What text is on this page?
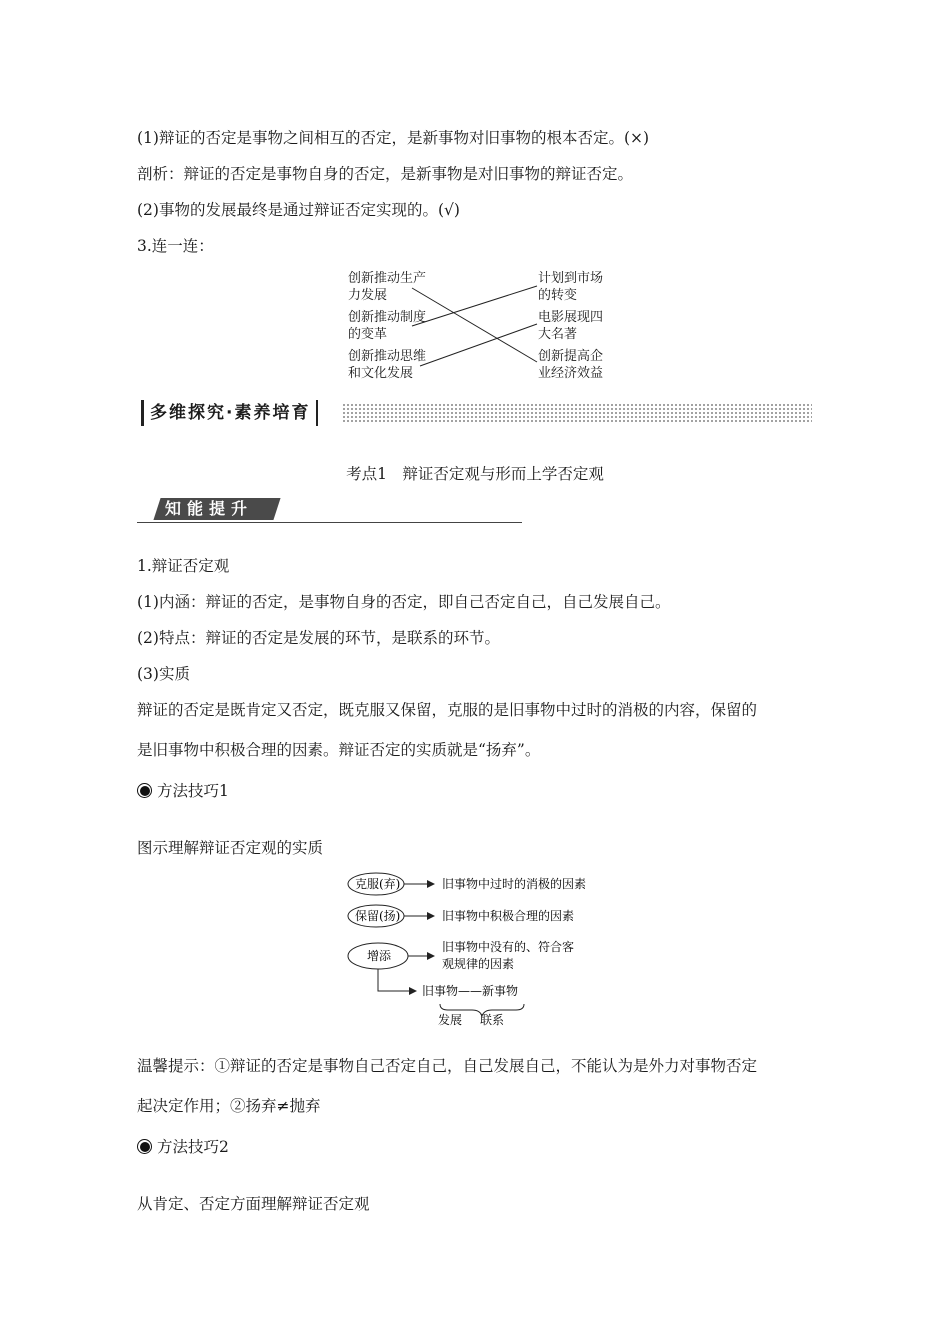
(1)辩证的否定是事物之间相互的否定，是新事物对旧事物的根本否定。(×)
剖析：辩证的否定是事物自身的否定，是新事物是对旧事物的辩证否定。
(2)事物的发展最终是通过辩证否定实现的。(√)
3.连一连：
创新推动生产
力发展
创新推动制度
的变革
创新推动思维
和文化发展
计划到市场
的转变
电影展现四
大名著
创新提高企
业经济效益
多维探究·素养培育
考点1　辩证否定观与形而上学否定观
知能提升
1.辩证否定观
(1)内涵：辩证的否定，是事物自身的否定，即自己否定自己，自己发展自己。
(2)特点：辩证的否定是发展的环节，是联系的环节。
(3)实质
辩证的否定是既肯定又否定，既克服又保留，克服的是旧事物中过时的消极的内容，保留的
是旧事物中积极合理的因素。辩证否定的实质就是“扬弃”。
方法技巧1
图示理解辩证否定观的实质
克服(弃)
保留(扬)
增添
旧事物中过时的消极的因素
旧事物中积极合理的因素
旧事物中没有的、符合客
观规律的因素
旧事物——新事物
发展 联系
温馨提示：①辩证的否定是事物自己否定自己，自己发展自己，不能认为是外力对事物否定
起决定作用；②扬弃≠抛弃
方法技巧2
从肯定、否定方面理解辩证否定观
